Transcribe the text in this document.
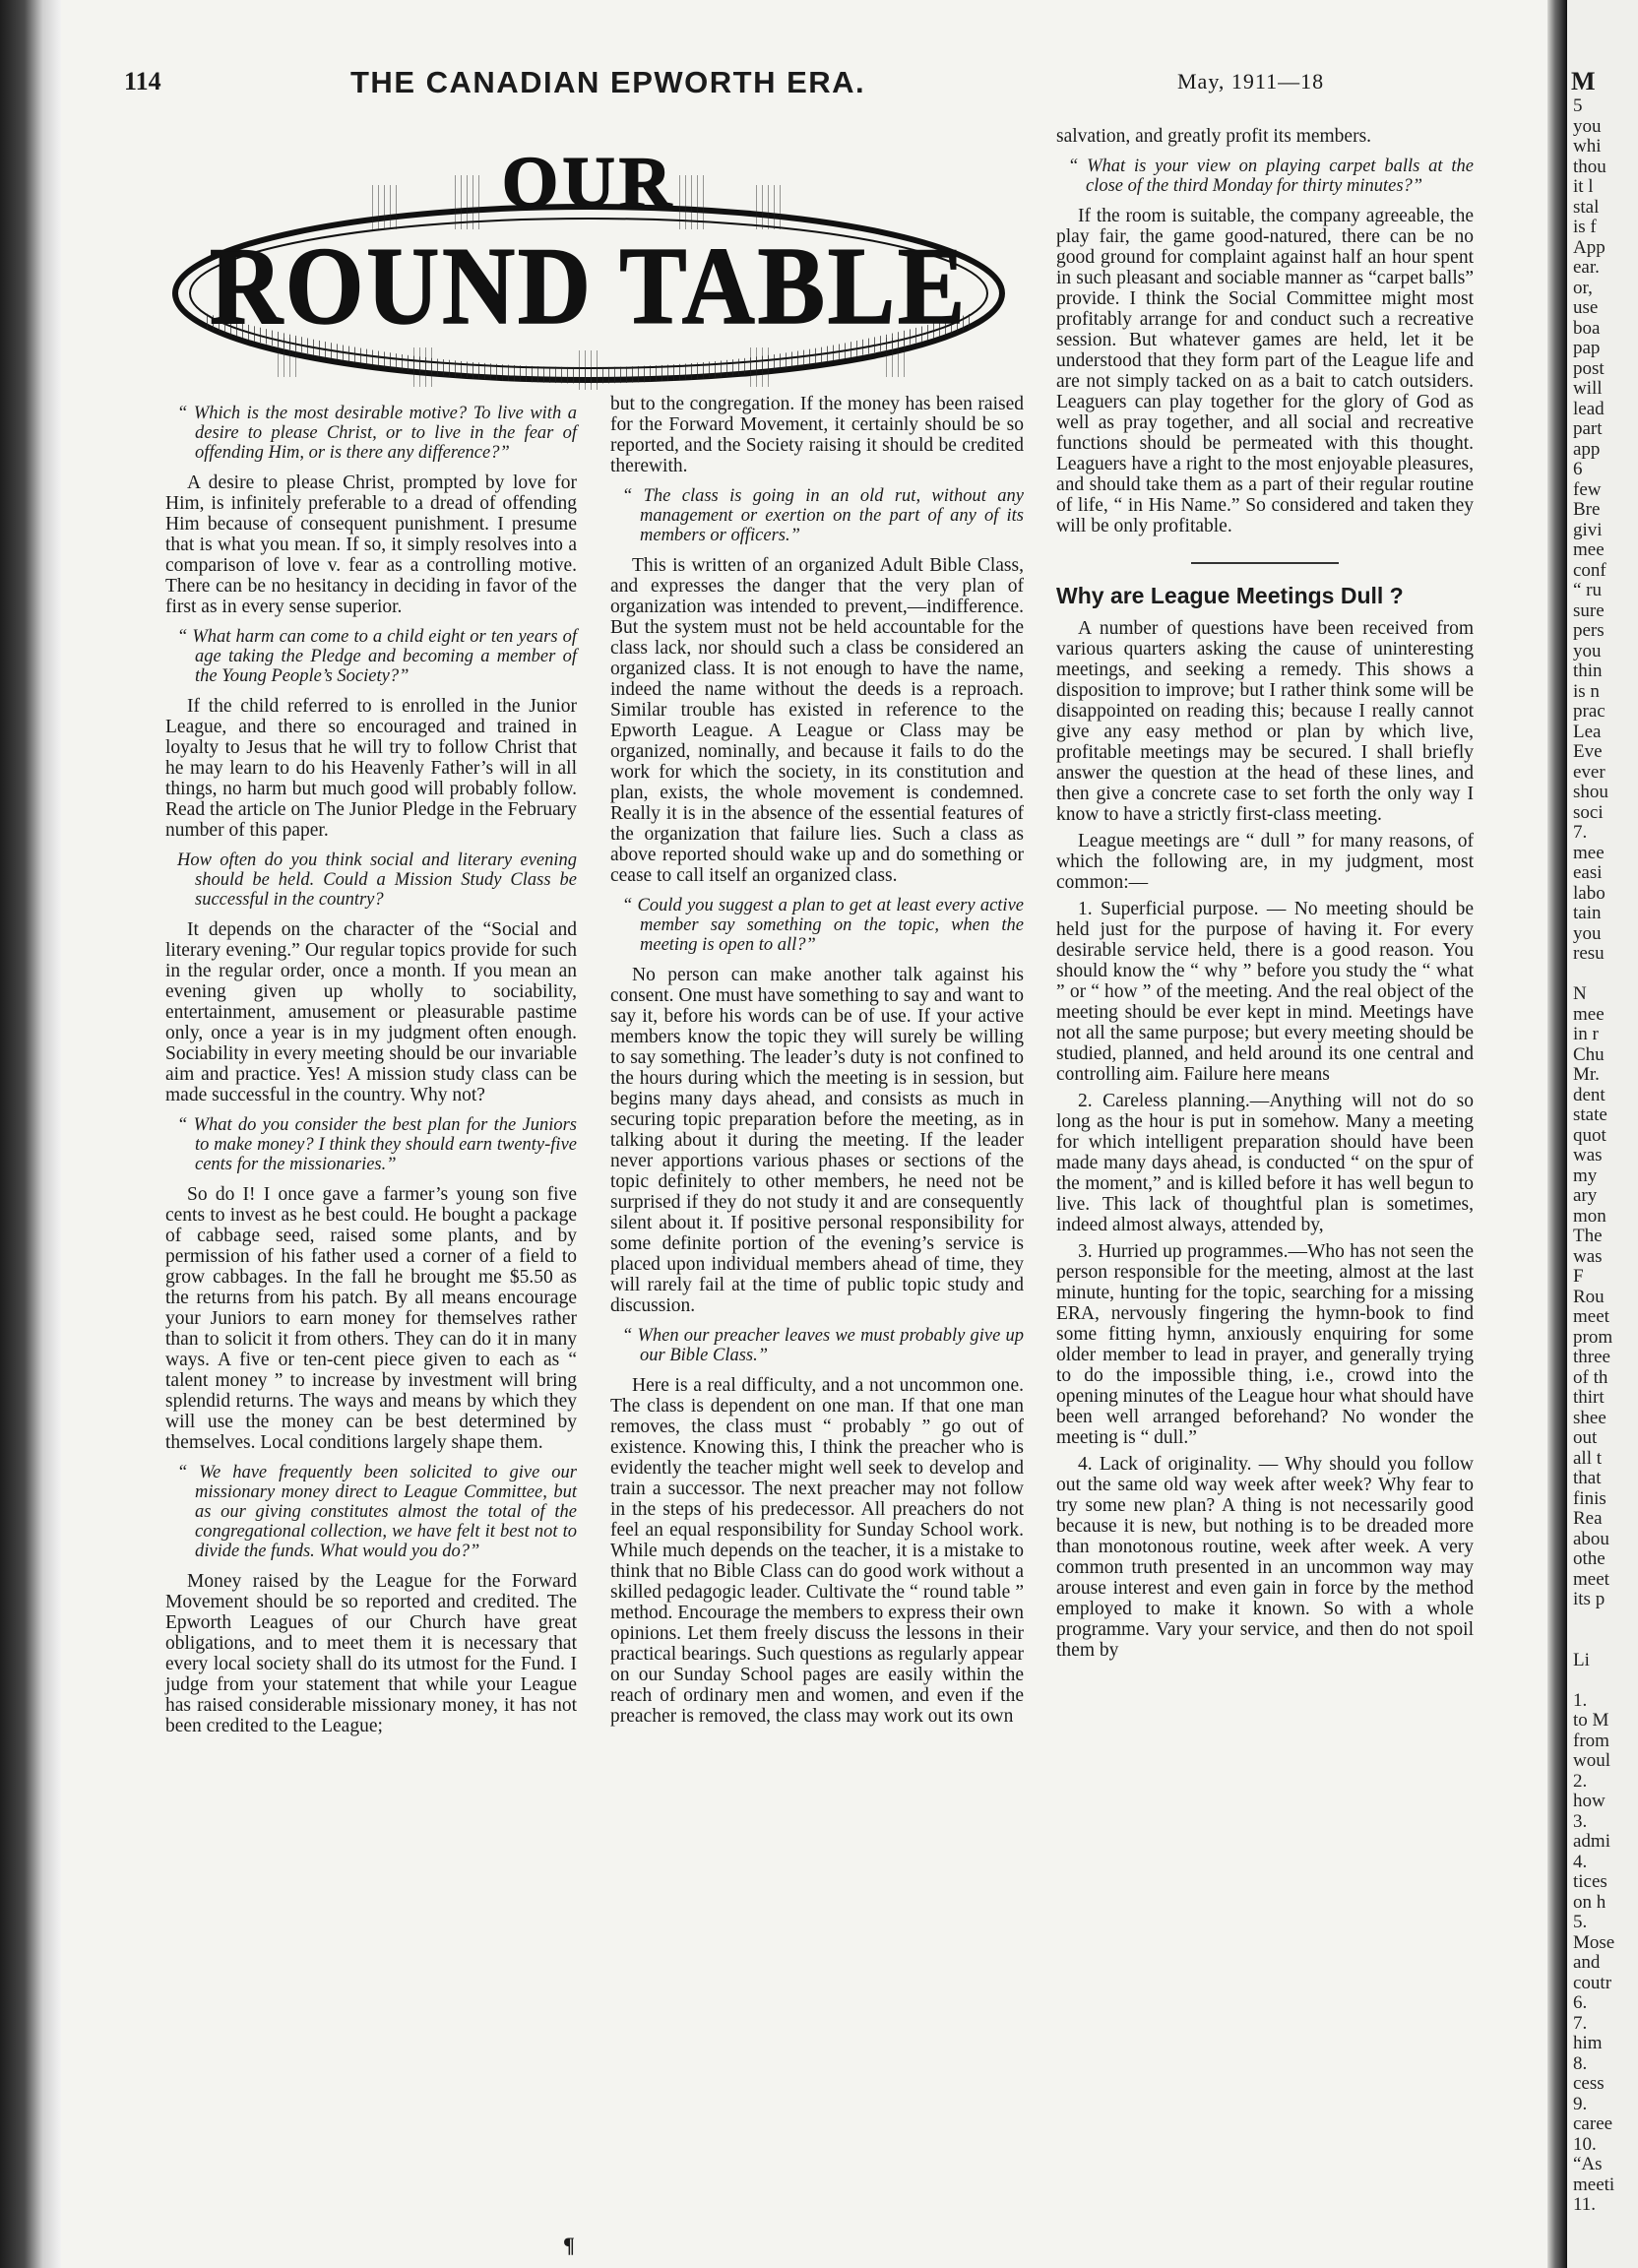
114	THE CANADIAN EPWORTH ERA.	May, 1911—18
OUR
ROUND TABLE

“ Which is the most desirable motive? To live with a desire to please Christ, or to live in the fear of offending Him, or is there any difference?”

A desire to please Christ, prompted by love for Him, is infinitely preferable to a dread of offending Him because of consequent punishment. I presume that is what you mean. If so, it simply resolves into a comparison of love v. fear as a controlling motive. There can be no hesitancy in deciding in favor of the first as in every sense superior.

“ What harm can come to a child eight or ten years of age taking the Pledge and becoming a member of the Young People’s Society?”

If the child referred to is enrolled in the Junior League, and there so encouraged and trained in loyalty to Jesus that he will try to follow Christ that he may learn to do his Heavenly Father’s will in all things, no harm but much good will probably follow. Read the article on The Junior Pledge in the February number of this paper.

How often do you think social and literary evening should be held. Could a Mission Study Class be successful in the country?

It depends on the character of the “Social and literary evening.” Our regular topics provide for such in the regular order, once a month. If you mean an evening given up wholly to sociability, entertainment, amusement or pleasurable pastime only, once a year is in my judgment often enough. Sociability in every meeting should be our invariable aim and practice. Yes! A mission study class can be made successful in the country. Why not?

“ What do you consider the best plan for the Juniors to make money? I think they should earn twenty-five cents for the missionaries.”

So do I! I once gave a farmer’s young son five cents to invest as he best could. He bought a package of cabbage seed, raised some plants, and by permission of his father used a corner of a field to grow cabbages. In the fall he brought me $5.50 as the returns from his patch. By all means encourage your Juniors to earn money for themselves rather than to solicit it from others. They can do it in many ways. A five or ten-cent piece given to each as “ talent money ” to increase by investment will bring splendid returns. The ways and means by which they will use the money can be best determined by themselves. Local conditions largely shape them.

“ We have frequently been solicited to give our missionary money direct to League Committee, but as our giving constitutes almost the total of the congregational collection, we have felt it best not to divide the funds. What would you do?”

Money raised by the League for the Forward Movement should be so reported and credited. The Epworth Leagues of our Church have great obligations, and to meet them it is necessary that every local society shall do its utmost for the Fund. I judge from your statement that while your League has raised considerable missionary money, it has not been credited to the League;

but to the congregation. If the money has been raised for the Forward Movement, it certainly should be so reported, and the Society raising it should be credited therewith.

“ The class is going in an old rut, without any management or exertion on the part of any of its members or officers.”

This is written of an organized Adult Bible Class, and expresses the danger that the very plan of organization was intended to prevent,—indifference. But the system must not be held accountable for the class lack, nor should such a class be considered an organized class. It is not enough to have the name, indeed the name without the deeds is a reproach. Similar trouble has existed in reference to the Epworth League. A League or Class may be organized, nominally, and because it fails to do the work for which the society, in its constitution and plan, exists, the whole movement is condemned. Really it is in the absence of the essential features of the organization that failure lies. Such a class as above reported should wake up and do something or cease to call itself an organized class.

“ Could you suggest a plan to get at least every active member say something on the topic, when the meeting is open to all?”

No person can make another talk against his consent. One must have something to say and want to say it, before his words can be of use. If your active members know the topic they will surely be willing to say something. The leader’s duty is not confined to the hours during which the meeting is in session, but begins many days ahead, and consists as much in securing topic preparation before the meeting, as in talking about it during the meeting. If the leader never apportions various phases or sections of the topic definitely to other members, he need not be surprised if they do not study it and are consequently silent about it. If positive personal responsibility for some definite portion of the evening’s service is placed upon individual members ahead of time, they will rarely fail at the time of public topic study and discussion.

“ When our preacher leaves we must probably give up our Bible Class.”

Here is a real difficulty, and a not uncommon one. The class is dependent on one man. If that one man removes, the class must “ probably ” go out of existence. Knowing this, I think the preacher who is evidently the teacher might well seek to develop and train a successor. The next preacher may not follow in the steps of his predecessor. All preachers do not feel an equal responsibility for Sunday School work. While much depends on the teacher, it is a mistake to think that no Bible Class can do good work without a skilled pedagogic leader. Cultivate the “ round table ” method. Encourage the members to express their own opinions. Let them freely discuss the lessons in their practical bearings. Such questions as regularly appear on our Sunday School pages are easily within the reach of ordinary men and women, and even if the preacher is removed, the class may work out its own

salvation, and greatly profit its members.

“ What is your view on playing carpet balls at the close of the third Monday for thirty minutes?”

If the room is suitable, the company agreeable, the play fair, the game good-natured, there can be no good ground for complaint against half an hour spent in such pleasant and sociable manner as “carpet balls” provide. I think the Social Committee might most profitably arrange for and conduct such a recreative session. But whatever games are held, let it be understood that they form part of the League life and are not simply tacked on as a bait to catch outsiders. Leaguers can play together for the glory of God as well as pray together, and all social and recreative functions should be permeated with this thought. Leaguers have a right to the most enjoyable pleasures, and should take them as a part of their regular routine of life, “ in His Name.” So considered and taken they will be only profitable.

Why are League Meetings Dull ?

A number of questions have been received from various quarters asking the cause of uninteresting meetings, and seeking a remedy. This shows a disposition to improve; but I rather think some will be disappointed on reading this; because I really cannot give any easy method or plan by which live, profitable meetings may be secured. I shall briefly answer the question at the head of these lines, and then give a concrete case to set forth the only way I know to have a strictly first-class meeting.

League meetings are “ dull ” for many reasons, of which the following are, in my judgment, most common:—

1. Superficial purpose. — No meeting should be held just for the purpose of having it. For every desirable service held, there is a good reason. You should know the “ why ” before you study the “ what ” or “ how ” of the meeting. And the real object of the meeting should be ever kept in mind. Meetings have not all the same purpose; but every meeting should be studied, planned, and held around its one central and controlling aim. Failure here means

2. Careless planning.—Anything will not do so long as the hour is put in somehow. Many a meeting for which intelligent preparation should have been made many days ahead, is conducted “ on the spur of the moment,” and is killed before it has well begun to live. This lack of thoughtful plan is sometimes, indeed almost always, attended by,

3. Hurried up programmes.—Who has not seen the person responsible for the meeting, almost at the last minute, hunting for the topic, searching for a missing ERA, nervously fingering the hymn-book to find some fitting hymn, anxiously enquiring for some older member to lead in prayer, and generally trying to do the impossible thing, i.e., crowd into the opening minutes of the League hour what should have been well arranged beforehand? No wonder the meeting is “ dull.”

4. Lack of originality. — Why should you follow out the same old way week after week? Why fear to try some new plan? A thing is not necessarily good because it is new, but nothing is to be dreaded more than monotonous routine, week after week. A very common truth presented in an uncommon way may arouse interest and even gain in force by the method employed to make it known. So with a whole programme. Vary your service, and then do not spoil them by

¶
M
5
you
whi
thou
it l
stal
is f
App
ear.
or,
use
boa
pap
post
will
lead
part
app
6
few
Bre
givi
mee
conf
“ ru
sure
pers
you
thin
is n
prac
Lea
Eve
ever
shou
soci
7.
mee
easi
labo
tain
you
resu

N
mee
in r
Chu
Mr.
dent
state
quot
was
my
ary
mon
The
was
F
Rou
meet
prom
three
of th
thirt
shee
out
all t
that
finis
Rea
abou
othe
meet
its p

Li

1.
to M
from
woul
2.
how
3.
admi
4.
tices
on h
5.
Mose
and
coutr
6.
7.
him
8.
cess
9.
caree
10.
“As
meeti
11.
